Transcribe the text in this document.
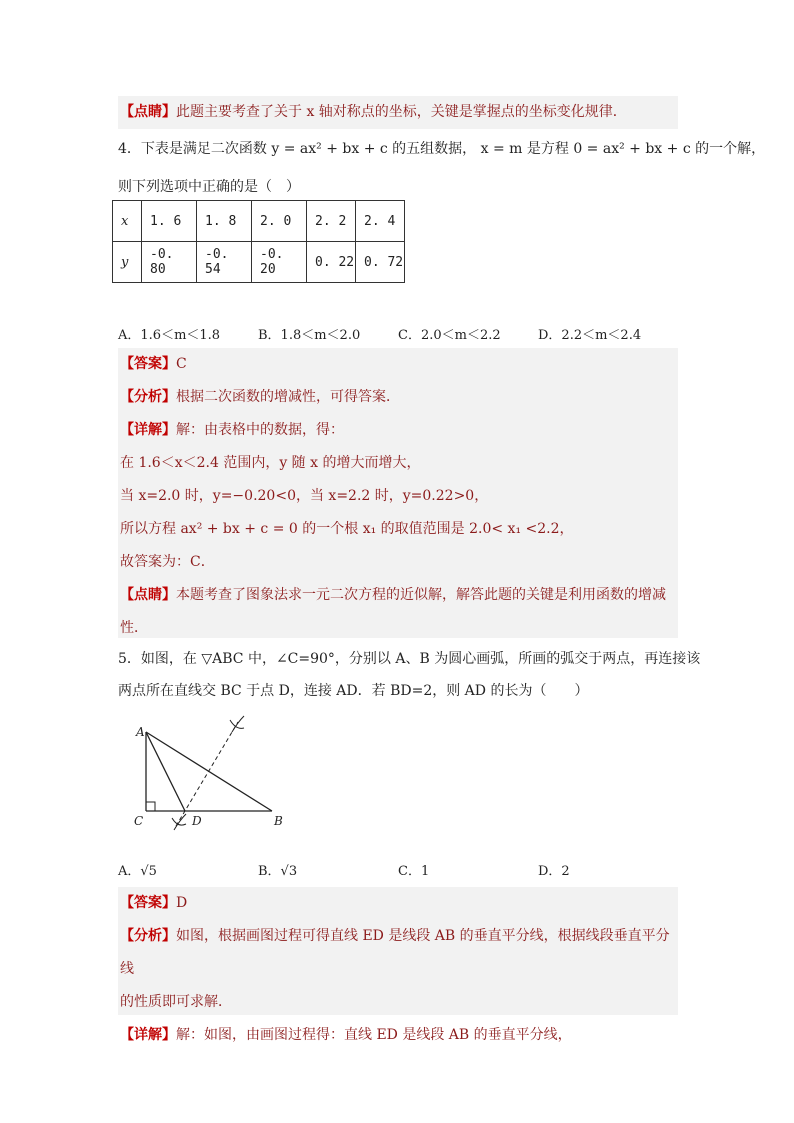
【点睛】此题主要考查了关于 x 轴对称点的坐标，关键是掌握点的坐标变化规律．
4．下表是满足二次函数 y = ax² + bx + c 的五组数据， x = m 是方程 0 = ax² + bx + c 的一个解，
则下列选项中正确的是（　）
x	1. 6	1. 8	2. 0	2. 2	2. 4
y	-0. 80	-0. 54	-0. 20	0. 22	0. 72
A．1.6＜m＜1.8	B．1.8＜m＜2.0	C．2.0＜m＜2.2	D．2.2＜m＜2.4
【答案】C
【分析】根据二次函数的增减性，可得答案．
【详解】解：由表格中的数据，得：
在 1.6＜x＜2.4 范围内，y 随 x 的增大而增大，
当 x=2.0 时，y=−0.20<0，当 x=2.2 时，y=0.22>0，
所以方程 ax² + bx + c = 0 的一个根 x₁ 的取值范围是 2.0< x₁ <2.2，
故答案为：C．
【点睛】本题考查了图象法求一元二次方程的近似解，解答此题的关键是利用函数的增减
性．
5．如图，在 ▽ABC 中，∠C=90°，分别以 A、B 为圆心画弧，所画的弧交于两点，再连接该
两点所在直线交 BC 于点 D，连接 AD．若 BD=2，则 AD 的长为（　　）
A
C	D	B
A．√5	B．√3	C．1	D．2
【答案】D
【分析】如图，根据画图过程可得直线 ED 是线段 AB 的垂直平分线，根据线段垂直平分线
的性质即可求解．
【详解】解：如图，由画图过程得：直线 ED 是线段 AB 的垂直平分线，
